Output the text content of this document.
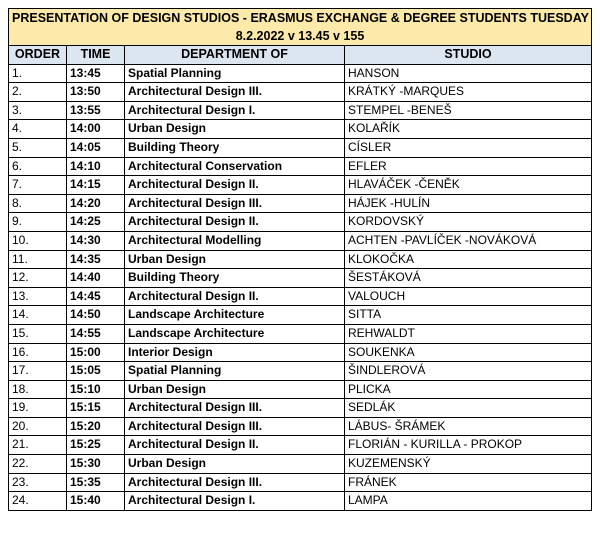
PRESENTATION OF DESIGN STUDIOS - ERASMUS EXCHANGE & DEGREE STUDENTS TUESDAY			
8.2.2022 v 13.45 v 155			
ORDER	TIME	DEPARTMENT OF	STUDIO
1.	13:45	Spatial Planning	HANSON
2.	13:50	Architectural Design III.	KRÁTKÝ -MARQUES
3.	13:55	Architectural Design I.	STEMPEL -BENEŠ
4.	14:00	Urban Design	KOLAŘÍK
5.	14:05	Building Theory	CÍSLER
6.	14:10	Architectural Conservation	EFLER
7.	14:15	Architectural Design II.	HLAVÁČEK -ČENĚK
8.	14:20	Architectural Design III.	HÁJEK -HULÍN
9.	14:25	Architectural Design II.	KORDOVSKÝ
10.	14:30	Architectural Modelling	ACHTEN -PAVLÍČEK -NOVÁKOVÁ
11.	14:35	Urban Design	KLOKOČKA
12.	14:40	Building Theory	ŠESTÁKOVÁ
13.	14:45	Architectural Design II.	VALOUCH
14.	14:50	Landscape Architecture	SITTA
15.	14:55	Landscape Architecture	REHWALDT
16.	15:00	Interior Design	SOUKENKA
17.	15:05	Spatial Planning	ŠINDLEROVÁ
18.	15:10	Urban Design	PLICKA
19.	15:15	Architectural Design III.	SEDLÁK
20.	15:20	Architectural Design III.	LÁBUS- ŠRÁMEK
21.	15:25	Architectural Design II.	FLORIÁN - KURILLA - PROKOP
22.	15:30	Urban Design	KUZEMENSKÝ
23.	15:35	Architectural Design III.	FRÁNEK
24.	15:40	Architectural Design I.	LAMPA
